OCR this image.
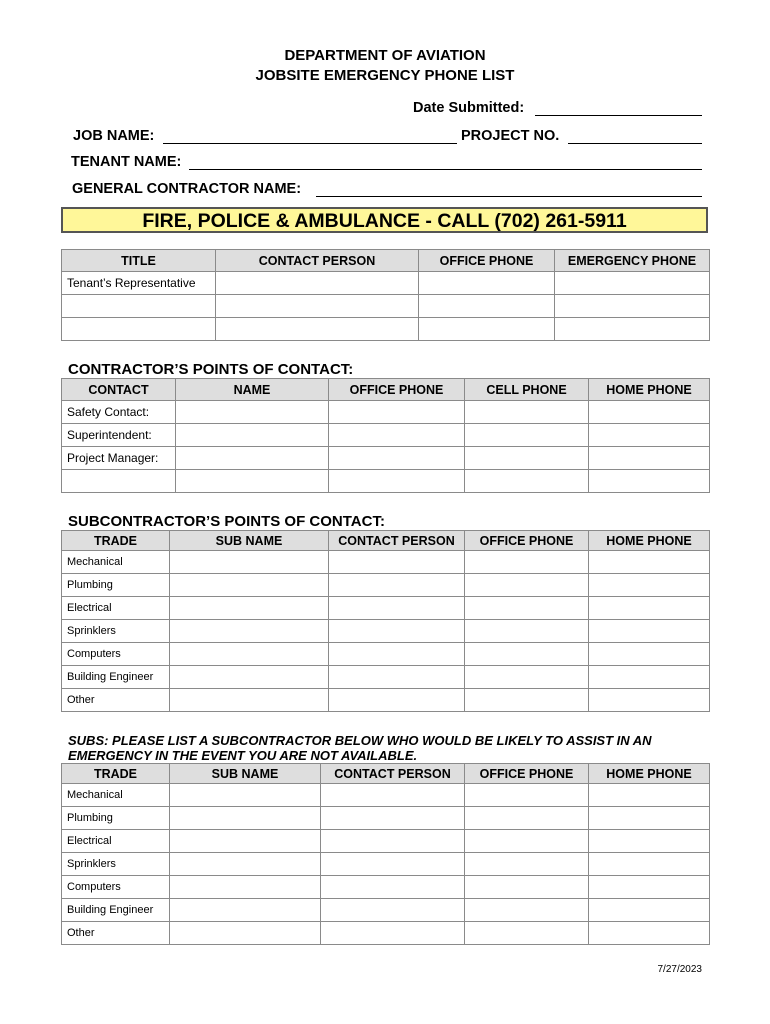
DEPARTMENT OF AVIATION
JOBSITE EMERGENCY PHONE LIST
Date Submitted:
JOB NAME:	PROJECT NO.
TENANT NAME:
GENERAL CONTRACTOR NAME:
FIRE, POLICE & AMBULANCE - CALL (702) 261-5911
TITLE	CONTACT PERSON	OFFICE PHONE	EMERGENCY PHONE
Tenant’s Representative			

CONTRACTOR’S POINTS OF CONTACT:
CONTACT	NAME	OFFICE PHONE	CELL PHONE	HOME PHONE
Safety Contact:				
Superintendent:				
Project Manager:				

SUBCONTRACTOR’S POINTS OF CONTACT:
TRADE	SUB NAME	CONTACT PERSON	OFFICE PHONE	HOME PHONE
Mechanical				
Plumbing				
Electrical				
Sprinklers				
Computers				
Building Engineer				
Other				
SUBS: PLEASE LIST A SUBCONTRACTOR BELOW WHO WOULD BE LIKELY TO ASSIST IN AN
EMERGENCY IN THE EVENT YOU ARE NOT AVAILABLE.
TRADE	SUB NAME	CONTACT PERSON	OFFICE PHONE	HOME PHONE
Mechanical				
Plumbing				
Electrical				
Sprinklers				
Computers				
Building Engineer				
Other				
7/27/2023
